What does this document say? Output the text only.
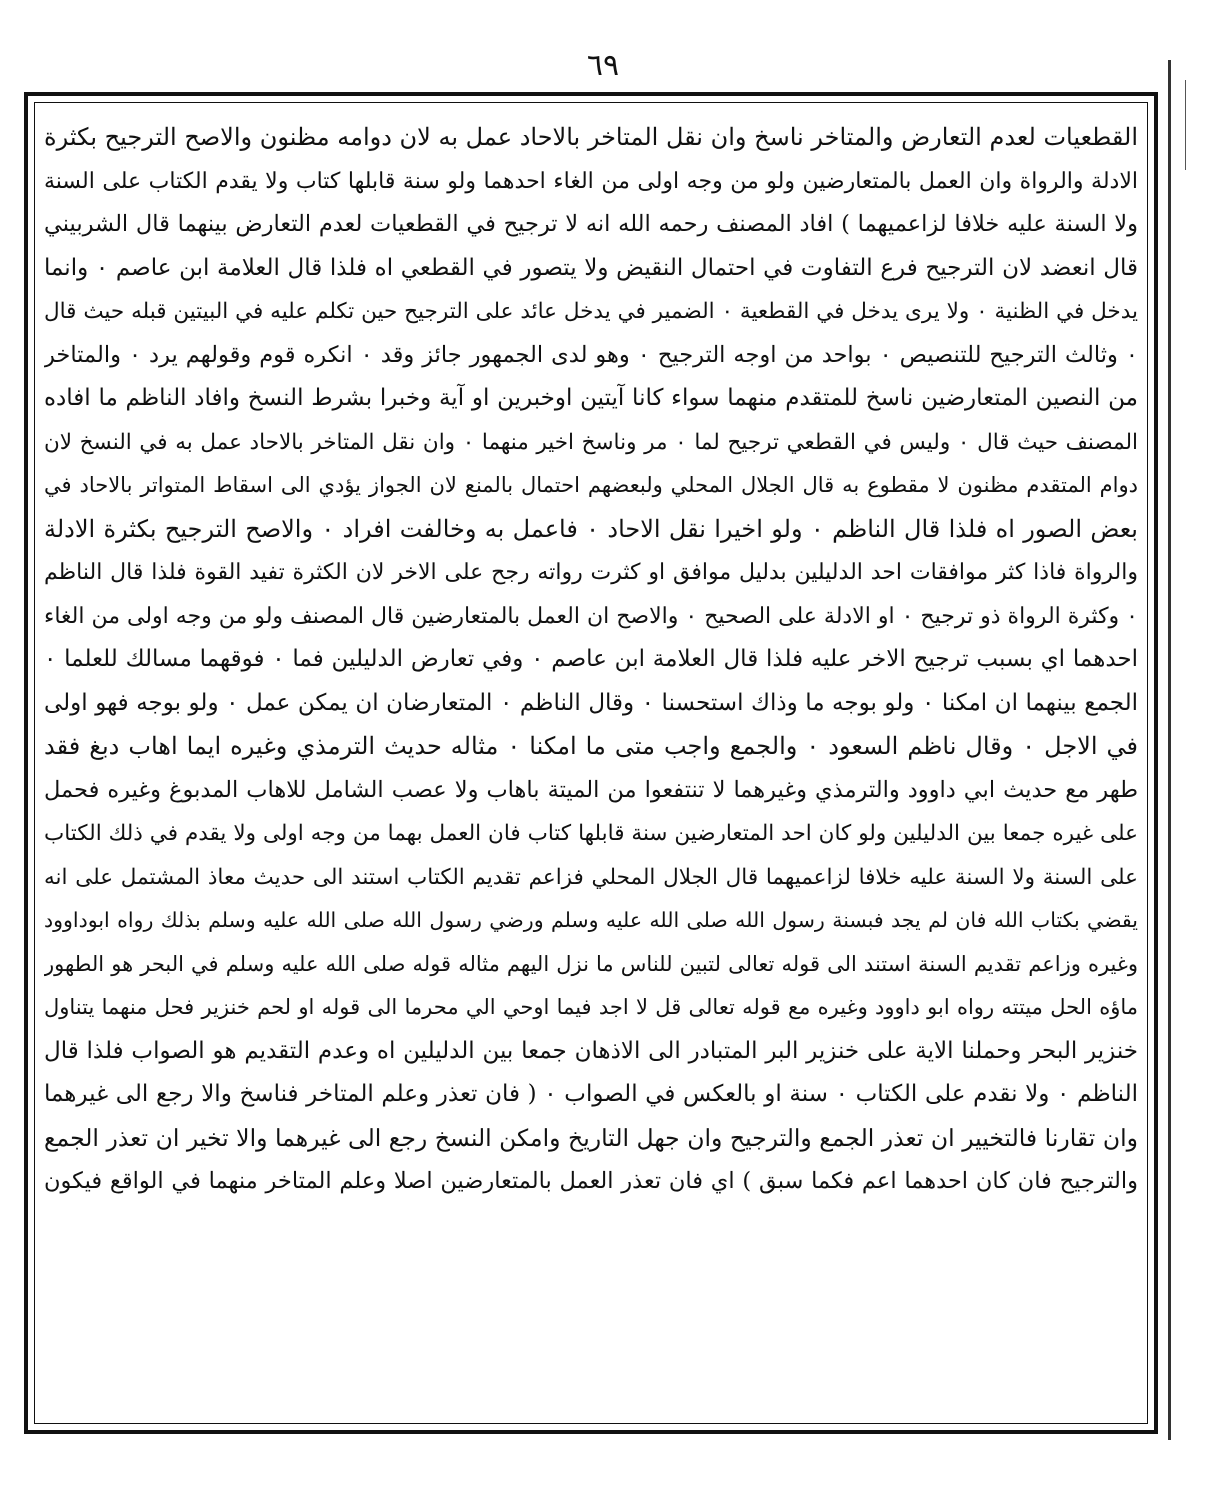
٦٩
القطعيات لعدم التعارض والمتاخر ناسخ وان نقل المتاخر بالاحاد عمل به لان دوامه مظنون والاصح الترجيح بكثرة
الادلة والرواة وان العمل بالمتعارضين ولو من وجه اولى من الغاء احدهما ولو سنة قابلها كتاب ولا يقدم الكتاب على السنة
ولا السنة عليه خلافا لزاعميهما ) افاد المصنف رحمه الله انه لا ترجيح في القطعيات لعدم التعارض بينهما قال الشربيني
قال انعضد لان الترجيح فرع التفاوت في احتمال النقيض ولا يتصور في القطعي اه فلذا قال العلامة ابن عاصم ٠ وانما
يدخل في الظنية ٠ ولا يرى يدخل في القطعية ٠ الضمير في يدخل عائد على الترجيح حين تكلم عليه في البيتين قبله حيث قال
٠ وثالث الترجيح للتنصيص ٠ بواحد من اوجه الترجيح ٠ وهو لدى الجمهور جائز وقد ٠ انكره قوم وقولهم يرد ٠ والمتاخر
من النصين المتعارضين ناسخ للمتقدم منهما سواء كانا آيتين اوخبرين او آية وخبرا بشرط النسخ وافاد الناظم ما افاده
المصنف حيث قال ٠ وليس في القطعي ترجيح لما ٠ مر وناسخ اخير منهما ٠ وان نقل المتاخر بالاحاد عمل به في النسخ لان
دوام المتقدم مظنون لا مقطوع به قال الجلال المحلي ولبعضهم احتمال بالمنع لان الجواز يؤدي الى اسقاط المتواتر بالاحاد في
بعض الصور اه فلذا قال الناظم ٠ ولو اخيرا نقل الاحاد ٠ فاعمل به وخالفت افراد ٠ والاصح الترجيح بكثرة الادلة
والرواة فاذا كثر موافقات احد الدليلين بدليل موافق او كثرت رواته رجح على الاخر لان الكثرة تفيد القوة فلذا قال الناظم
٠ وكثرة الرواة ذو ترجيح ٠ او الادلة على الصحيح ٠ والاصح ان العمل بالمتعارضين قال المصنف ولو من وجه اولى من الغاء
احدهما اي بسبب ترجيح الاخر عليه فلذا قال العلامة ابن عاصم ٠ وفي تعارض الدليلين فما ٠ فوقهما مسالك للعلما ٠
الجمع بينهما ان امكنا ٠ ولو بوجه ما وذاك استحسنا ٠ وقال الناظم ٠ المتعارضان ان يمكن عمل ٠ ولو بوجه فهو اولى
في الاجل ٠ وقال ناظم السعود ٠ والجمع واجب متى ما امكنا ٠ مثاله حديث الترمذي وغيره ايما اهاب دبغ فقد
طهر مع حديث ابي داوود والترمذي وغيرهما لا تنتفعوا من الميتة باهاب ولا عصب الشامل للاهاب المدبوغ وغيره فحمل
على غيره جمعا بين الدليلين ولو كان احد المتعارضين سنة قابلها كتاب فان العمل بهما من وجه اولى ولا يقدم في ذلك الكتاب
على السنة ولا السنة عليه خلافا لزاعميهما قال الجلال المحلي فزاعم تقديم الكتاب استند الى حديث معاذ المشتمل على انه
يقضي بكتاب الله فان لم يجد فبسنة رسول الله صلى الله عليه وسلم ورضي رسول الله صلى الله عليه وسلم بذلك رواه ابوداوود
وغيره وزاعم تقديم السنة استند الى قوله تعالى لتبين للناس ما نزل اليهم مثاله قوله صلى الله عليه وسلم في البحر هو الطهور
ماؤه الحل ميتته رواه ابو داوود وغيره مع قوله تعالى قل لا اجد فيما اوحي الي محرما الى قوله او لحم خنزير فحل منهما يتناول
خنزير البحر وحملنا الاية على خنزير البر المتبادر الى الاذهان جمعا بين الدليلين اه وعدم التقديم هو الصواب فلذا قال
الناظم ٠ ولا نقدم على الكتاب ٠ سنة او بالعكس في الصواب ٠ ( فان تعذر وعلم المتاخر فناسخ والا رجع الى غيرهما
وان تقارنا فالتخيير ان تعذر الجمع والترجيح وان جهل التاريخ وامكن النسخ رجع الى غيرهما والا تخير ان تعذر الجمع
والترجيح فان كان احدهما اعم فكما سبق ) اي فان تعذر العمل بالمتعارضين اصلا وعلم المتاخر منهما في الواقع فيكون
